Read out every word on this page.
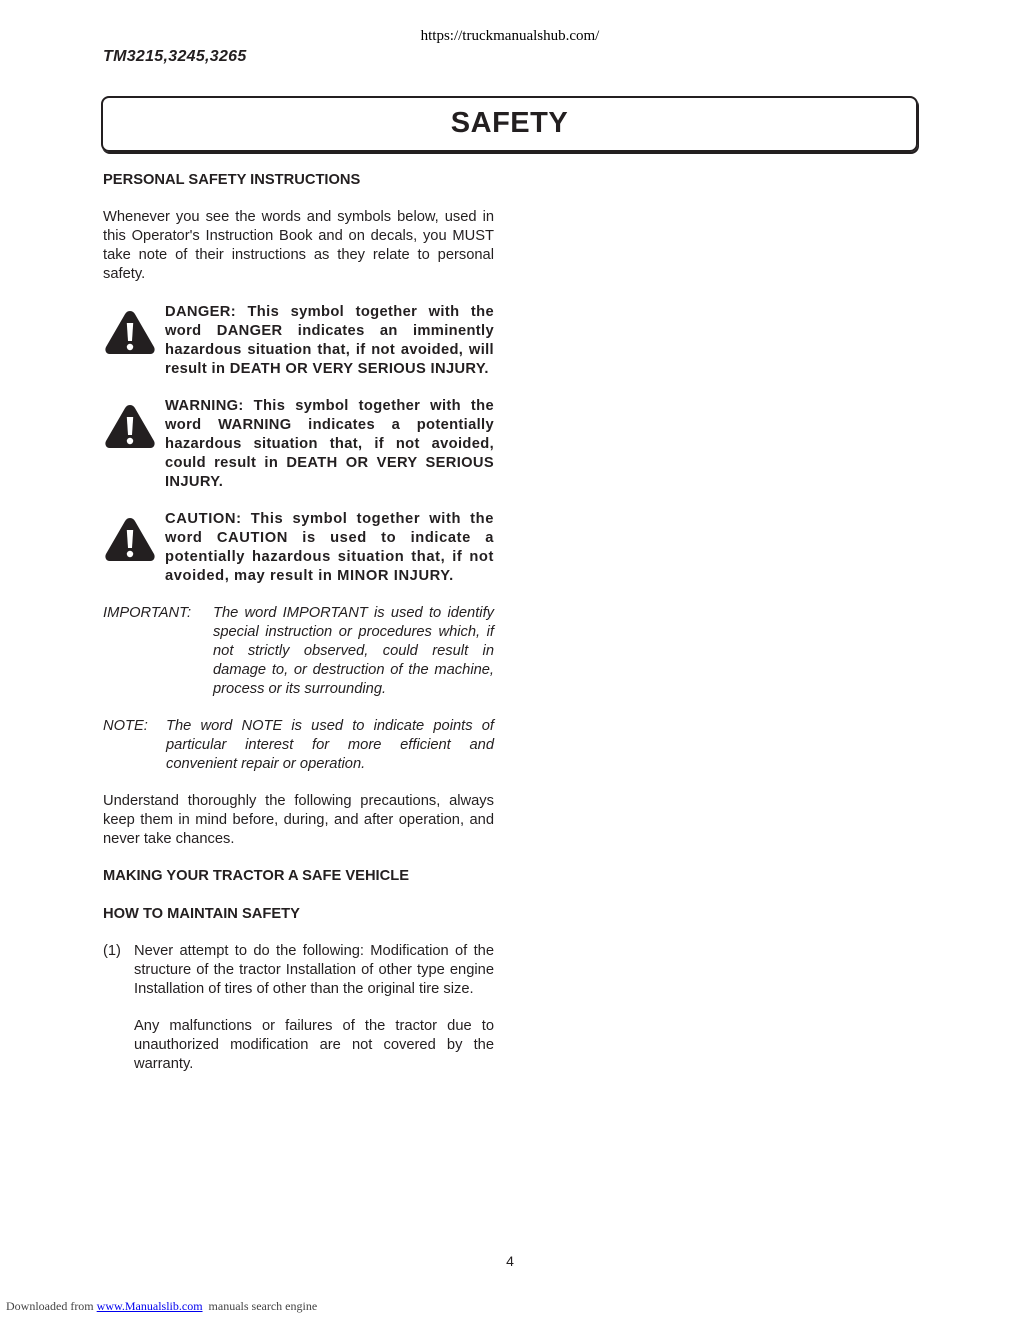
https://truckmanualshub.com/
TM3215,3245,3265
SAFETY
PERSONAL SAFETY INSTRUCTIONS
Whenever you see the words and symbols below, used in this Operator's Instruction Book and on decals, you MUST take note of their instructions as they relate to personal safety.
DANGER: This symbol together with the word DANGER indicates an imminently hazardous situation that, if not avoided, will result in DEATH OR VERY SERIOUS INJURY.
WARNING: This symbol together with the word WARNING indicates a potentially hazardous situation that, if not avoided, could result in DEATH OR VERY SERIOUS INJURY.
CAUTION: This symbol together with the word CAUTION is used to indicate a potentially hazardous situation that, if not avoided, may result in MINOR INJURY.
IMPORTANT: The word IMPORTANT is used to identify special instruction or procedures which, if not strictly observed, could result in damage to, or destruction of the machine, process or its surrounding.
NOTE: The word NOTE is used to indicate points of particular interest for more efficient and convenient repair or operation.
Understand thoroughly the following precautions, always keep them in mind before, during, and after operation, and never take chances.
MAKING YOUR TRACTOR A SAFE VEHICLE
HOW TO MAINTAIN SAFETY
(1) Never attempt to do the following: Modification of the structure of the tractor Installation of other type engine Installation of tires of other than the original tire size.
Any malfunctions or failures of the tractor due to unauthorized modification are not covered by the warranty.
4
Downloaded from www.Manualslib.com manuals search engine
